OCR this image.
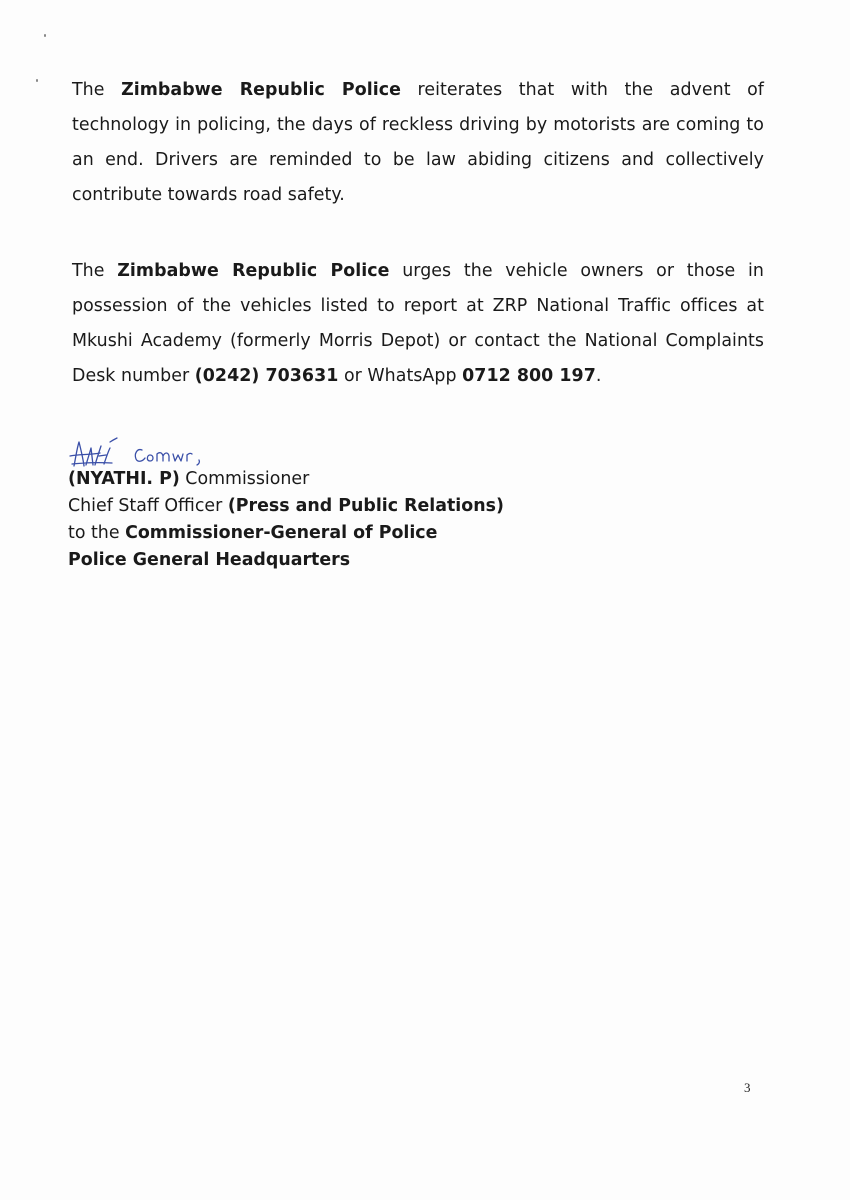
The Zimbabwe Republic Police reiterates that with the advent of technology in policing, the days of reckless driving by motorists are coming to an end. Drivers are reminded to be law abiding citizens and collectively contribute towards road safety.

The Zimbabwe Republic Police urges the vehicle owners or those in possession of the vehicles listed to report at ZRP National Traffic offices at Mkushi Academy (formerly Morris Depot) or contact the National Complaints Desk number (0242) 703631 or WhatsApp 0712 800 197.

(NYATHI. P) Commissioner
Chief Staff Officer (Press and Public Relations)
to the Commissioner-General of Police
Police General Headquarters
3
